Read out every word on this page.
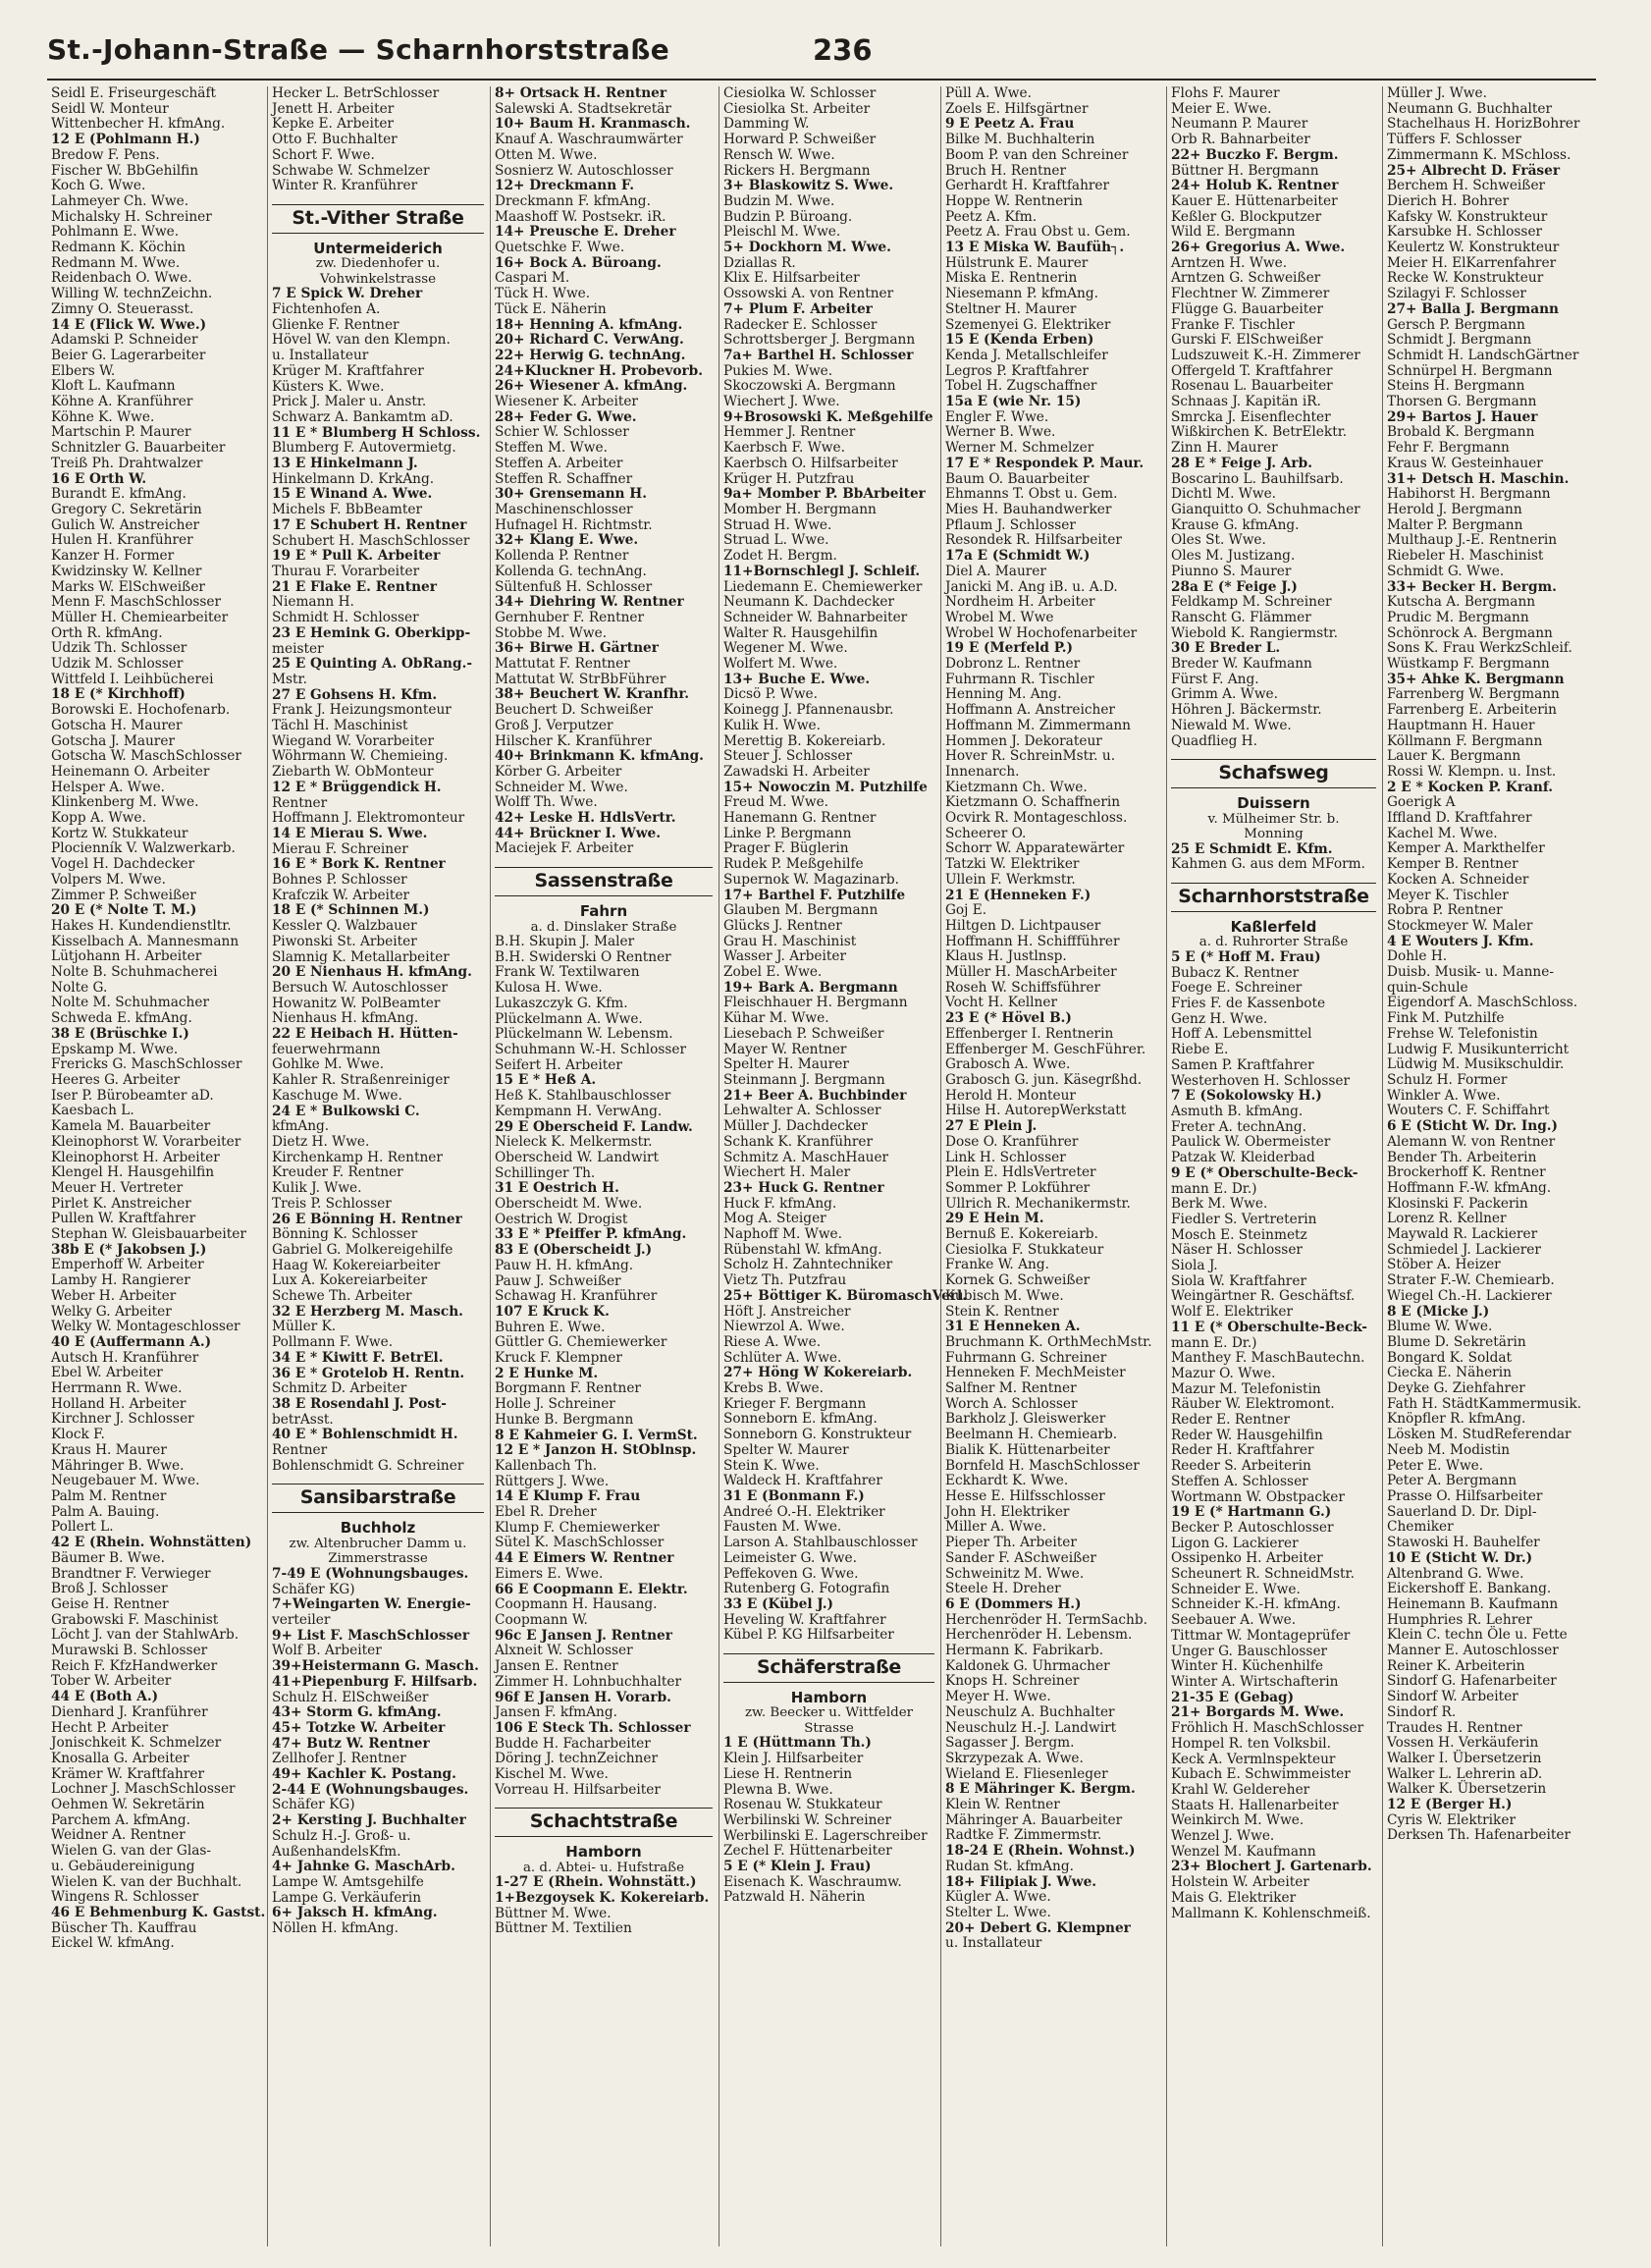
St.-Johann-Straße — Scharnhorststraße	236
Seidl E. Friseurgeschäft
Seidl W. Monteur
Wittenbecher H. kfmAng.
12 E (Pohlmann H.)
Bredow F. Pens.
Fischer W. BbGehilfin
Koch G. Wwe.
Lahmeyer Ch. Wwe.
Michalsky H. Schreiner
Pohlmann E. Wwe.
Redmann K. Köchin
Redmann M. Wwe.
Reidenbach O. Wwe.
Willing W. technZeichn.
Zimny O. Steuerasst.
14 E (Flick W. Wwe.)
Adamski P. Schneider
Beier G. Lagerarbeiter
Elbers W.
Kloft L. Kaufmann
Köhne A. Kranführer
Köhne K. Wwe.
Martschin P. Maurer
Schnitzler G. Bauarbeiter
Treiß Ph. Drahtwalzer
16 E Orth W.
Burandt E. kfmAng.
Gregory C. Sekretärin
Gulich W. Anstreicher
Hulen H. Kranführer
Kanzer H. Former
Kwidzinsky W. Kellner
Marks W. ElSchweißer
Menn F. MaschSchlosser
Müller H. Chemiearbeiter
Orth R. kfmAng.
Udzik Th. Schlosser
Udzik M. Schlosser
Wittfeld I. Leihbücherei
18 E (* Kirchhoff)
Borowski E. Hochofenarb.
Gotscha H. Maurer
Gotscha J. Maurer
Gotscha W. MaschSchlosser
Heinemann O. Arbeiter
Helsper A. Wwe.
Klinkenberg M. Wwe.
Kopp A. Wwe.
Kortz W. Stukkateur
Plocienník V. Walzwerkarb.
Vogel H. Dachdecker
Volpers M. Wwe.
Zimmer P. Schweißer
20 E (* Nolte T. M.)
Hakes H. Kundendienstltr.
Kisselbach A. Mannesmann
Lütjohann H. Arbeiter
Nolte B. Schuhmacherei
Nolte G.
Nolte M. Schuhmacher
Schweda E. kfmAng.
38 E (Brüschke I.)
Epskamp M. Wwe.
Frericks G. MaschSchlosser
Heeres G. Arbeiter
Iser P. Bürobeamter aD.
Kaesbach L.
Kamela M. Bauarbeiter
Kleinophorst W. Vorarbeiter
Kleinophorst H. Arbeiter
Klengel H. Hausgehilfin
Meuer H. Vertreter
Pirlet K. Anstreicher
Pullen W. Kraftfahrer
Stephan W. Gleisbauarbeiter
38b E (* Jakobsen J.)
Emperhoff W. Arbeiter
Lamby H. Rangierer
Weber H. Arbeiter
Welky G. Arbeiter
Welky W. Montageschlosser
40 E (Auffermann A.)
Autsch H. Kranführer
Ebel W. Arbeiter
Herrmann R. Wwe.
Holland H. Arbeiter
Kirchner J. Schlosser
Klock F.
Kraus H. Maurer
Mähringer B. Wwe.
Neugebauer M. Wwe.
Palm M. Rentner
Palm A. Bauing.
Pollert L.
42 E (Rhein. Wohnstätten)
Bäumer B. Wwe.
Brandtner F. Verwieger
Broß J. Schlosser
Geise H. Rentner
Grabowski F. Maschinist
Löcht J. van der StahlwArb.
Murawski B. Schlosser
Reich F. KfzHandwerker
Tober W. Arbeiter
44 E (Both A.)
Dienhard J. Kranführer
Hecht P. Arbeiter
Jonischkeit K. Schmelzer
Knosalla G. Arbeiter
Krämer W. Kraftfahrer
Lochner J. MaschSchlosser
Oehmen W. Sekretärin
Parchem A. kfmAng.
Weidner A. Rentner
Wielen G. van der Glas-
u. Gebäudereinigung
Wielen K. van der Buchhalt.
Wingens R. Schlosser
46 E Behmenburg K. Gastst.
Büscher Th. Kauffrau
Eickel W. kfmAng.
Hecker L. BetrSchlosser
Jenett H. Arbeiter
Kepke E. Arbeiter
Otto F. Buchhalter
Schort F. Wwe.
Schwabe W. Schmelzer
Winter R. Kranführer
St.-Vither Straße
Untermeiderich
zw. Diedenhofer u.
Vohwinkelstrasse
7 E Spick W. Dreher
Fichtenhofen A.
Glienke F. Rentner
Hövel W. van den Klempn.
u. Installateur
Krüger M. Kraftfahrer
Küsters K. Wwe.
Prick J. Maler u. Anstr.
Schwarz A. Bankamtm aD.
11 E * Blumberg H Schloss.
Blumberg F. Autovermietg.
13 E Hinkelmann J.
Hinkelmann D. KrkAng.
15 E Winand A. Wwe.
Michels F. BbBeamter
17 E Schubert H. Rentner
Schubert H. MaschSchlosser
19 E * Pull K. Arbeiter
Thurau F. Vorarbeiter
21 E Flake E. Rentner
Niemann H.
Schmidt H. Schlosser
23 E Hemink G. Oberkipp-
meister
25 E Quinting A. ObRang.-
Mstr.
27 E Gohsens H. Kfm.
Frank J. Heizungsmonteur
Tächl H. Maschinist
Wiegand W. Vorarbeiter
Wöhrmann W. Chemieing.
Ziebarth W. ObMonteur
12 E * Brüggendick H.
Rentner
Hoffmann J. Elektromonteur
14 E Mierau S. Wwe.
Mierau F. Schreiner
16 E * Bork K. Rentner
Bohnes P. Schlosser
Krafczik W. Arbeiter
18 E (* Schinnen M.)
Kessler Q. Walzbauer
Piwonski St. Arbeiter
Slamnig K. Metallarbeiter
20 E Nienhaus H. kfmAng.
Bersuch W. Autoschlosser
Howanitz W. PolBeamter
Nienhaus H. kfmAng.
22 E Heibach H. Hütten-
feuerwehrmann
Gohlke M. Wwe.
Kahler R. Straßenreiniger
Kaschuge M. Wwe.
24 E * Bulkowski C.
kfmAng.
Dietz H. Wwe.
Kirchenkamp H. Rentner
Kreuder F. Rentner
Kulik J. Wwe.
Treis P. Schlosser
26 E Bönning H. Rentner
Bönning K. Schlosser
Gabriel G. Molkereigehilfe
Haag W. Kokereiarbeiter
Lux A. Kokereiarbeiter
Schewe Th. Arbeiter
32 E Herzberg M. Masch.
Müller K.
Pollmann F. Wwe.
34 E * Kiwitt F. BetrEl.
36 E * Grotelob H. Rentn.
Schmitz D. Arbeiter
38 E Rosendahl J. Post-
betrAsst.
40 E * Bohlenschmidt H.
Rentner
Bohlenschmidt G. Schreiner
Sansibarstraße
Buchholz
zw. Altenbrucher Damm u.
Zimmerstrasse
7-49 E (Wohnungsbauges.
Schäfer KG)
7+Weingarten W. Energie-
verteiler
9+ List F. MaschSchlosser
Wolf B. Arbeiter
39+Heistermann G. Masch.
41+Piepenburg F. Hilfsarb.
Schulz H. ElSchweißer
43+ Storm G. kfmAng.
45+ Totzke W. Arbeiter
47+ Butz W. Rentner
Zellhofer J. Rentner
49+ Kachler K. Postang.
2-44 E (Wohnungsbauges.
Schäfer KG)
2+ Kersting J. Buchhalter
Schulz H.-J. Groß- u.
AußenhandelsKfm.
4+ Jahnke G. MaschArb.
Lampe W. Amtsgehilfe
Lampe G. Verkäuferin
6+ Jaksch H. kfmAng.
Nöllen H. kfmAng.
8+ Ortsack H. Rentner
Salewski A. Stadtsekretär
10+ Baum H. Kranmasch.
Knauf A. Waschraumwärter
Otten M. Wwe.
Sosnierz W. Autoschlosser
12+ Dreckmann F.
Dreckmann F. kfmAng.
Maashoff W. Postsekr. iR.
14+ Preusche E. Dreher
Quetschke F. Wwe.
16+ Bock A. Büroang.
Caspari M.
Tück H. Wwe.
Tück E. Näherin
18+ Henning A. kfmAng.
20+ Richard C. VerwAng.
22+ Herwig G. technAng.
24+Kluckner H. Probevorb.
26+ Wiesener A. kfmAng.
Wiesener K. Arbeiter
28+ Feder G. Wwe.
Schier W. Schlosser
Steffen M. Wwe.
Steffen A. Arbeiter
Steffen R. Schaffner
30+ Grensemann H.
Maschinenschlosser
Hufnagel H. Richtmstr.
32+ Klang E. Wwe.
Kollenda P. Rentner
Kollenda G. technAng.
Sültenfuß H. Schlosser
34+ Diehring W. Rentner
Gernhuber F. Rentner
Stobbe M. Wwe.
36+ Birwe H. Gärtner
Mattutat F. Rentner
Mattutat W. StrBbFührer
38+ Beuchert W. Kranfhr.
Beuchert D. Schweißer
Groß J. Verputzer
Hilscher K. Kranführer
40+ Brinkmann K. kfmAng.
Körber G. Arbeiter
Schneider M. Wwe.
Wolff Th. Wwe.
42+ Leske H. HdlsVertr.
44+ Brückner I. Wwe.
Maciejek F. Arbeiter
Sassenstraße
Fahrn
a. d. Dinslaker Straße
B.H. Skupin J. Maler
B.H. Swiderski O Rentner
Frank W. Textilwaren
Kulosa H. Wwe.
Lukaszczyk G. Kfm.
Plückelmann A. Wwe.
Plückelmann W. Lebensm.
Schuhmann W.-H. Schlosser
Seifert H. Arbeiter
15 E * Heß A.
Heß K. Stahlbauschlosser
Kempmann H. VerwAng.
29 E Oberscheid F. Landw.
Nieleck K. Melkermstr.
Oberscheid W. Landwirt
Schillinger Th.
31 E Oestrich H.
Oberscheidt M. Wwe.
Oestrich W. Drogist
33 E * Pfeiffer P. kfmAng.
83 E (Oberscheidt J.)
Pauw H. H. kfmAng.
Pauw J. Schweißer
Schawag H. Kranführer
107 E Kruck K.
Buhren E. Wwe.
Güttler G. Chemiewerker
Kruck F. Klempner
2 E Hunke M.
Borgmann F. Rentner
Holle J. Schreiner
Hunke B. Bergmann
8 E Kahmeier G. I. VermSt.
12 E * Janzon H. StOblnsp.
Kallenbach Th.
Rüttgers J. Wwe.
14 E Klump F. Frau
Ebel R. Dreher
Klump F. Chemiewerker
Sütel K. MaschSchlosser
44 E Eimers W. Rentner
Eimers E. Wwe.
66 E Coopmann E. Elektr.
Coopmann H. Hausang.
Coopmann W.
96c E Jansen J. Rentner
Alxneit W. Schlosser
Jansen E. Rentner
Zimmer H. Lohnbuchhalter
96f E Jansen H. Vorarb.
Jansen F. kfmAng.
106 E Steck Th. Schlosser
Budde H. Facharbeiter
Döring J. technZeichner
Kischel M. Wwe.
Vorreau H. Hilfsarbeiter
Schachtstraße
Hamborn
a. d. Abtei- u. Hufstraße
1-27 E (Rhein. Wohnstätt.)
1+Bezgoysek K. Kokereiarb.
Büttner M. Wwe.
Büttner M. Textilien
Ciesiolka W. Schlosser
Ciesiolka St. Arbeiter
Damming W.
Horward P. Schweißer
Rensch W. Wwe.
Rickers H. Bergmann
3+ Blaskowitz S. Wwe.
Budzin M. Wwe.
Budzin P. Büroang.
Pleischl M. Wwe.
5+ Dockhorn M. Wwe.
Dziallas R.
Klix E. Hilfsarbeiter
Ossowski A. von Rentner
7+ Plum F. Arbeiter
Radecker E. Schlosser
Schrottsberger J. Bergmann
7a+ Barthel H. Schlosser
Pukies M. Wwe.
Skoczowski A. Bergmann
Wiechert J. Wwe.
9+Brosowski K. Meßgehilfe
Hemmer J. Rentner
Kaerbsch F. Wwe.
Kaerbsch O. Hilfsarbeiter
Krüger H. Putzfrau
9a+ Momber P. BbArbeiter
Momber H. Bergmann
Struad H. Wwe.
Struad L. Wwe.
Zodet H. Bergm.
11+Bornschlegl J. Schleif.
Liedemann E. Chemiewerker
Neumann K. Dachdecker
Schneider W. Bahnarbeiter
Walter R. Hausgehilfin
Wegener M. Wwe.
Wolfert M. Wwe.
13+ Buche E. Wwe.
Dicsö P. Wwe.
Koinegg J. Pfannenausbr.
Kulik H. Wwe.
Merettig B. Kokereiarb.
Steuer J. Schlosser
Zawadski H. Arbeiter
15+ Nowoczin M. Putzhilfe
Freud M. Wwe.
Hanemann G. Rentner
Linke P. Bergmann
Prager F. Büglerin
Rudek P. Meßgehilfe
Supernok W. Magazinarb.
17+ Barthel F. Putzhilfe
Glauben M. Bergmann
Glücks J. Rentner
Grau H. Maschinist
Wasser J. Arbeiter
Zobel E. Wwe.
19+ Bark A. Bergmann
Fleischhauer H. Bergmann
Kühar M. Wwe.
Liesebach P. Schweißer
Mayer W. Rentner
Spelter H. Maurer
Steinmann J. Bergmann
21+ Beer A. Buchbinder
Lehwalter A. Schlosser
Müller J. Dachdecker
Schank K. Kranführer
Schmitz A. MaschHauer
Wiechert H. Maler
23+ Huck G. Rentner
Huck F. kfmAng.
Mog A. Steiger
Naphoff M. Wwe.
Rübenstahl W. kfmAng.
Scholz H. Zahntechniker
Vietz Th. Putzfrau
25+ Böttiger K. BüromaschVerl.
Höft J. Anstreicher
Niewrzol A. Wwe.
Riese A. Wwe.
Schlüter A. Wwe.
27+ Höng W Kokereiarb.
Krebs B. Wwe.
Krieger F. Bergmann
Sonneborn E. kfmAng.
Sonneborn G. Konstrukteur
Spelter W. Maurer
Stein K. Wwe.
Waldeck H. Kraftfahrer
31 E (Bonmann F.)
Andreé O.-H. Elektriker
Fausten M. Wwe.
Larson A. Stahlbauschlosser
Leimeister G. Wwe.
Peffekoven G. Wwe.
Rutenberg G. Fotografin
33 E (Kübel J.)
Heveling W. Kraftfahrer
Kübel P. KG Hilfsarbeiter
Schäferstraße
Hamborn
zw. Beecker u. Wittfelder
Strasse
1 E (Hüttmann Th.)
Klein J. Hilfsarbeiter
Liese H. Rentnerin
Plewna B. Wwe.
Rosenau W. Stukkateur
Werbilinski W. Schreiner
Werbilinski E. Lagerschreiber
Zechel F. Hüttenarbeiter
5 E (* Klein J. Frau)
Eisenach K. Waschraumw.
Patzwald H. Näherin
Püll A. Wwe.
Zoels E. Hilfsgärtner
9 E Peetz A. Frau
Bilke M. Buchhalterin
Boom P. van den Schreiner
Bruch H. Rentner
Gerhardt H. Kraftfahrer
Hoppe W. Rentnerin
Peetz A. Kfm.
Peetz A. Frau Obst u. Gem.
13 E Miska W. Baufüh┐.
Hülstrunk E. Maurer
Miska E. Rentnerin
Niesemann P. kfmAng.
Steltner H. Maurer
Szemenyei G. Elektriker
15 E (Kenda Erben)
Kenda J. Metallschleifer
Legros P. Kraftfahrer
Tobel H. Zugschaffner
15a E (wie Nr. 15)
Engler F. Wwe.
Werner B. Wwe.
Werner M. Schmelzer
17 E * Respondek P. Maur.
Baum O. Bauarbeiter
Ehmanns T. Obst u. Gem.
Mies H. Bauhandwerker
Pflaum J. Schlosser
Resondek R. Hilfsarbeiter
17a E (Schmidt W.)
Diel A. Maurer
Janicki M. Ang iB. u. A.D.
Nordheim H. Arbeiter
Wrobel M. Wwe
Wrobel W Hochofenarbeiter
19 E (Merfeld P.)
Dobronz L. Rentner
Fuhrmann R. Tischler
Henning M. Ang.
Hoffmann A. Anstreicher
Hoffmann M. Zimmermann
Hommen J. Dekorateur
Hover R. SchreinMstr. u.
Innenarch.
Kietzmann Ch. Wwe.
Kietzmann O. Schaffnerin
Ocvirk R. Montageschloss.
Scheerer O.
Schorr W. Apparatewärter
Tatzki W. Elektriker
Ullein F. Werkmstr.
21 E (Henneken F.)
Goj E.
Hiltgen D. Lichtpauser
Hoffmann H. Schiffführer
Klaus H. Justlnsp.
Müller H. MaschArbeiter
Roseh W. Schiffsführer
Vocht H. Kellner
23 E (* Hövel B.)
Effenberger I. Rentnerin
Effenberger M. GeschFührer.
Grabosch A. Wwe.
Grabosch G. jun. Käsegrßhd.
Herold H. Monteur
Hilse H. AutorepWerkstatt
27 E Plein J.
Dose O. Kranführer
Link H. Schlosser
Plein E. HdlsVertreter
Sommer P. Lokführer
Ullrich R. Mechanikermstr.
29 E Hein M.
Bernuß E. Kokereiarb.
Ciesiolka F. Stukkateur
Franke W. Ang.
Kornek G. Schweißer
Kubisch M. Wwe.
Stein K. Rentner
31 E Henneken A.
Bruchmann K. OrthMechMstr.
Fuhrmann G. Schreiner
Henneken F. MechMeister
Salfner M. Rentner
Worch A. Schlosser
Barkholz J. Gleiswerker
Beelmann H. Chemiearb.
Bialik K. Hüttenarbeiter
Bornfeld H. MaschSchlosser
Eckhardt K. Wwe.
Hesse E. Hilfsschlosser
John H. Elektriker
Miller A. Wwe.
Pieper Th. Arbeiter
Sander F. ASchweißer
Schweinitz M. Wwe.
Steele H. Dreher
6 E (Dommers H.)
Herchenröder H. TermSachb.
Herchenröder H. Lebensm.
Hermann K. Fabrikarb.
Kaldonek G. Uhrmacher
Knops H. Schreiner
Meyer H. Wwe.
Neuschulz A. Buchhalter
Neuschulz H.-J. Landwirt
Sagasser J. Bergm.
Skrzypezak A. Wwe.
Wieland E. Fliesenleger
8 E Mähringer K. Bergm.
Klein W. Rentner
Mähringer A. Bauarbeiter
Radtke F. Zimmermstr.
18-24 E (Rhein. Wohnst.)
Rudan St. kfmAng.
18+ Filipiak J. Wwe.
Kügler A. Wwe.
Stelter L. Wwe.
20+ Debert G. Klempner
u. Installateur
Flohs F. Maurer
Meier E. Wwe.
Neumann P. Maurer
Orb R. Bahnarbeiter
22+ Buczko F. Bergm.
Büttner H. Bergmann
24+ Holub K. Rentner
Kauer E. Hüttenarbeiter
Keßler G. Blockputzer
Wild E. Bergmann
26+ Gregorius A. Wwe.
Arntzen H. Wwe.
Arntzen G. Schweißer
Flechtner W. Zimmerer
Flügge G. Bauarbeiter
Franke F. Tischler
Gurski F. ElSchweißer
Ludszuweit K.-H. Zimmerer
Offergeld T. Kraftfahrer
Rosenau L. Bauarbeiter
Schnaas J. Kapitän iR.
Smrcka J. Eisenflechter
Wißkirchen K. BetrElektr.
Zinn H. Maurer
28 E * Feige J. Arb.
Boscarino L. Bauhilfsarb.
Dichtl M. Wwe.
Gianquitto O. Schuhmacher
Krause G. kfmAng.
Oles St. Wwe.
Oles M. Justizang.
Piunno S. Maurer
28a E (* Feige J.)
Feldkamp M. Schreiner
Ranscht G. Flämmer
Wiebold K. Rangiermstr.
30 E Breder L.
Breder W. Kaufmann
Fürst F. Ang.
Grimm A. Wwe.
Höhren J. Bäckermstr.
Niewald M. Wwe.
Quadflieg H.
Schafsweg
Duissern
v. Mülheimer Str. b.
Monning
25 E Schmidt E. Kfm.
Kahmen G. aus dem MForm.
Scharnhorststraße
Kaßlerfeld
a. d. Ruhrorter Straße
5 E (* Hoff M. Frau)
Bubacz K. Rentner
Foege E. Schreiner
Fries F. de Kassenbote
Genz H. Wwe.
Hoff A. Lebensmittel
Riebe E.
Samen P. Kraftfahrer
Westerhoven H. Schlosser
7 E (Sokolowsky H.)
Asmuth B. kfmAng.
Freter A. technAng.
Paulick W. Obermeister
Patzak W. Kleiderbad
9 E (* Oberschulte-Beck-
mann E. Dr.)
Berk M. Wwe.
Fiedler S. Vertreterin
Mosch E. Steinmetz
Näser H. Schlosser
Siola J.
Siola W. Kraftfahrer
Weingärtner R. Geschäftsf.
Wolf E. Elektriker
11 E (* Oberschulte-Beck-
mann E. Dr.)
Manthey F. MaschBautechn.
Mazur O. Wwe.
Mazur M. Telefonistin
Räuber W. Elektromont.
Reder E. Rentner
Reder W. Hausgehilfin
Reder H. Kraftfahrer
Reeder S. Arbeiterin
Steffen A. Schlosser
Wortmann W. Obstpacker
19 E (* Hartmann G.)
Becker P. Autoschlosser
Ligon G. Lackierer
Ossipenko H. Arbeiter
Scheunert R. SchneidMstr.
Schneider E. Wwe.
Schneider K.-H. kfmAng.
Seebauer A. Wwe.
Tittmar W. Montageprüfer
Unger G. Bauschlosser
Winter H. Küchenhilfe
Winter A. Wirtschafterin
21-35 E (Gebag)
21+ Borgards M. Wwe.
Fröhlich H. MaschSchlosser
Hompel R. ten Volksbil.
Keck A. Vermlnspekteur
Kubach E. Schwimmeister
Krahl W. Geldereher
Staats H. Hallenarbeiter
Weinkirch M. Wwe.
Wenzel J. Wwe.
Wenzel M. Kaufmann
23+ Blochert J. Gartenarb.
Holstein W. Arbeiter
Mais G. Elektriker
Mallmann K. Kohlenschmeiß.
Müller J. Wwe.
Neumann G. Buchhalter
Stachelhaus H. HorizBohrer
Tüffers F. Schlosser
Zimmermann K. MSchloss.
25+ Albrecht D. Fräser
Berchem H. Schweißer
Dierich H. Bohrer
Kafsky W. Konstrukteur
Karsubke H. Schlosser
Keulertz W. Konstrukteur
Meier H. ElKarrenfahrer
Recke W. Konstrukteur
Szilagyi F. Schlosser
27+ Balla J. Bergmann
Gersch P. Bergmann
Schmidt J. Bergmann
Schmidt H. LandschGärtner
Schnürpel H. Bergmann
Steins H. Bergmann
Thorsen G. Bergmann
29+ Bartos J. Hauer
Brobald K. Bergmann
Fehr F. Bergmann
Kraus W. Gesteinhauer
31+ Detsch H. Maschin.
Habihorst H. Bergmann
Herold J. Bergmann
Malter P. Bergmann
Multhaup J.-E. Rentnerin
Riebeler H. Maschinist
Schmidt G. Wwe.
33+ Becker H. Bergm.
Kutscha A. Bergmann
Prudic M. Bergmann
Schönrock A. Bergmann
Sons K. Frau WerkzSchleif.
Wüstkamp F. Bergmann
35+ Ahke K. Bergmann
Farrenberg W. Bergmann
Farrenberg E. Arbeiterin
Hauptmann H. Hauer
Köllmann F. Bergmann
Lauer K. Bergmann
Rossi W. Klempn. u. Inst.
2 E * Kocken P. Kranf.
Goerigk A
Iffland D. Kraftfahrer
Kachel M. Wwe.
Kemper A. Markthelfer
Kemper B. Rentner
Kocken A. Schneider
Meyer K. Tischler
Robra P. Rentner
Stockmeyer W. Maler
4 E Wouters J. Kfm.
Dohle H.
Duisb. Musik- u. Manne-
quin-Schule
Eigendorf A. MaschSchloss.
Fink M. Putzhilfe
Frehse W. Telefonistin
Ludwig F. Musikunterricht
Lüdwig M. Musikschuldir.
Schulz H. Former
Winkler A. Wwe.
Wouters C. F. Schiffahrt
6 E (Sticht W. Dr. Ing.)
Alemann W. von Rentner
Bender Th. Arbeiterin
Brockerhoff K. Rentner
Hoffmann F.-W. kfmAng.
Klosinski F. Packerin
Lorenz R. Kellner
Maywald R. Lackierer
Schmiedel J. Lackierer
Stöber A. Heizer
Strater F.-W. Chemiearb.
Wiegel Ch.-H. Lackierer
8 E (Micke J.)
Blume W. Wwe.
Blume D. Sekretärin
Bongard K. Soldat
Ciecka E. Näherin
Deyke G. Ziehfahrer
Fath H. StädtKammermusik.
Knöpfler R. kfmAng.
Lösken M. StudReferendar
Neeb M. Modistin
Peter E. Wwe.
Peter A. Bergmann
Prasse O. Hilfsarbeiter
Sauerland D. Dr. Dipl-
Chemiker
Stawoski H. Bauhelfer
10 E (Sticht W. Dr.)
Altenbrand G. Wwe.
Eickershoff E. Bankang.
Heinemann B. Kaufmann
Humphries R. Lehrer
Klein C. techn Öle u. Fette
Manner E. Autoschlosser
Reiner K. Arbeiterin
Sindorf G. Hafenarbeiter
Sindorf W. Arbeiter
Sindorf R.
Traudes H. Rentner
Vossen H. Verkäuferin
Walker I. Übersetzerin
Walker L. Lehrerin aD.
Walker K. Übersetzerin
12 E (Berger H.)
Cyris W. Elektriker
Derksen Th. Hafenarbeiter
